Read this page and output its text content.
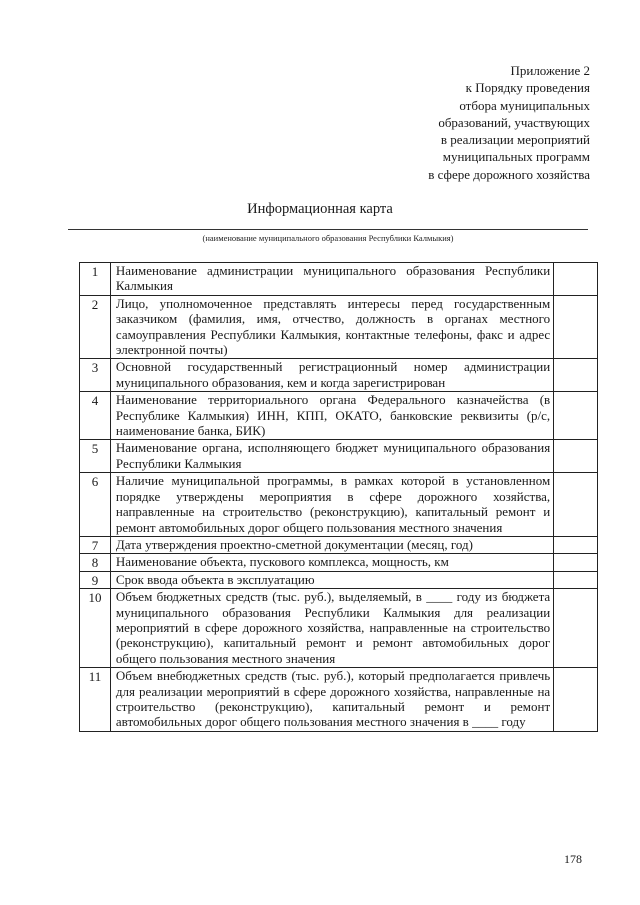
Приложение 2
к Порядку проведения
отбора муниципальных
образований, участвующих
в реализации мероприятий
муниципальных программ
в сфере дорожного хозяйства
Информационная карта
(наименование муниципального образования Республики Калмыкия)
1	Наименование администрации муниципального образования Республики Калмыкия	
2	Лицо, уполномоченное представлять интересы перед государственным заказчиком (фамилия, имя, отчество, должность в органах местного самоуправления Республики Калмыкия, контактные телефоны, факс и адрес электронной почты)	
3	Основной государственный регистрационный номер администрации муниципального образования, кем и когда зарегистрирован	
4	Наименование территориального органа Федерального казначейства (в Республике Калмыкия) ИНН, КПП, ОКАТО, банковские реквизиты (р/с, наименование банка, БИК)	
5	Наименование органа, исполняющего бюджет муниципального образования Республики Калмыкия	
6	Наличие муниципальной программы, в рамках которой в установленном порядке утверждены мероприятия в сфере дорожного хозяйства, направленные на строительство (реконструкцию), капитальный ремонт и ремонт автомобильных дорог общего пользования местного значения	
7	Дата утверждения проектно-сметной документации (месяц, год)	
8	Наименование объекта, пускового комплекса, мощность, км	
9	Срок ввода объекта в эксплуатацию	
10	Объем бюджетных средств (тыс. руб.), выделяемый, в ____ году из бюджета муниципального образования Республики Калмыкия для реализации мероприятий в сфере дорожного хозяйства, направленные на строительство (реконструкцию), капитальный ремонт и ремонт автомобильных дорог общего пользования местного значения	
11	Объем внебюджетных средств (тыс. руб.), который предполагается привлечь для реализации мероприятий в сфере дорожного хозяйства, направленные на строительство (реконструкцию), капитальный ремонт и ремонт автомобильных дорог общего пользования местного значения в ____ году	
178
